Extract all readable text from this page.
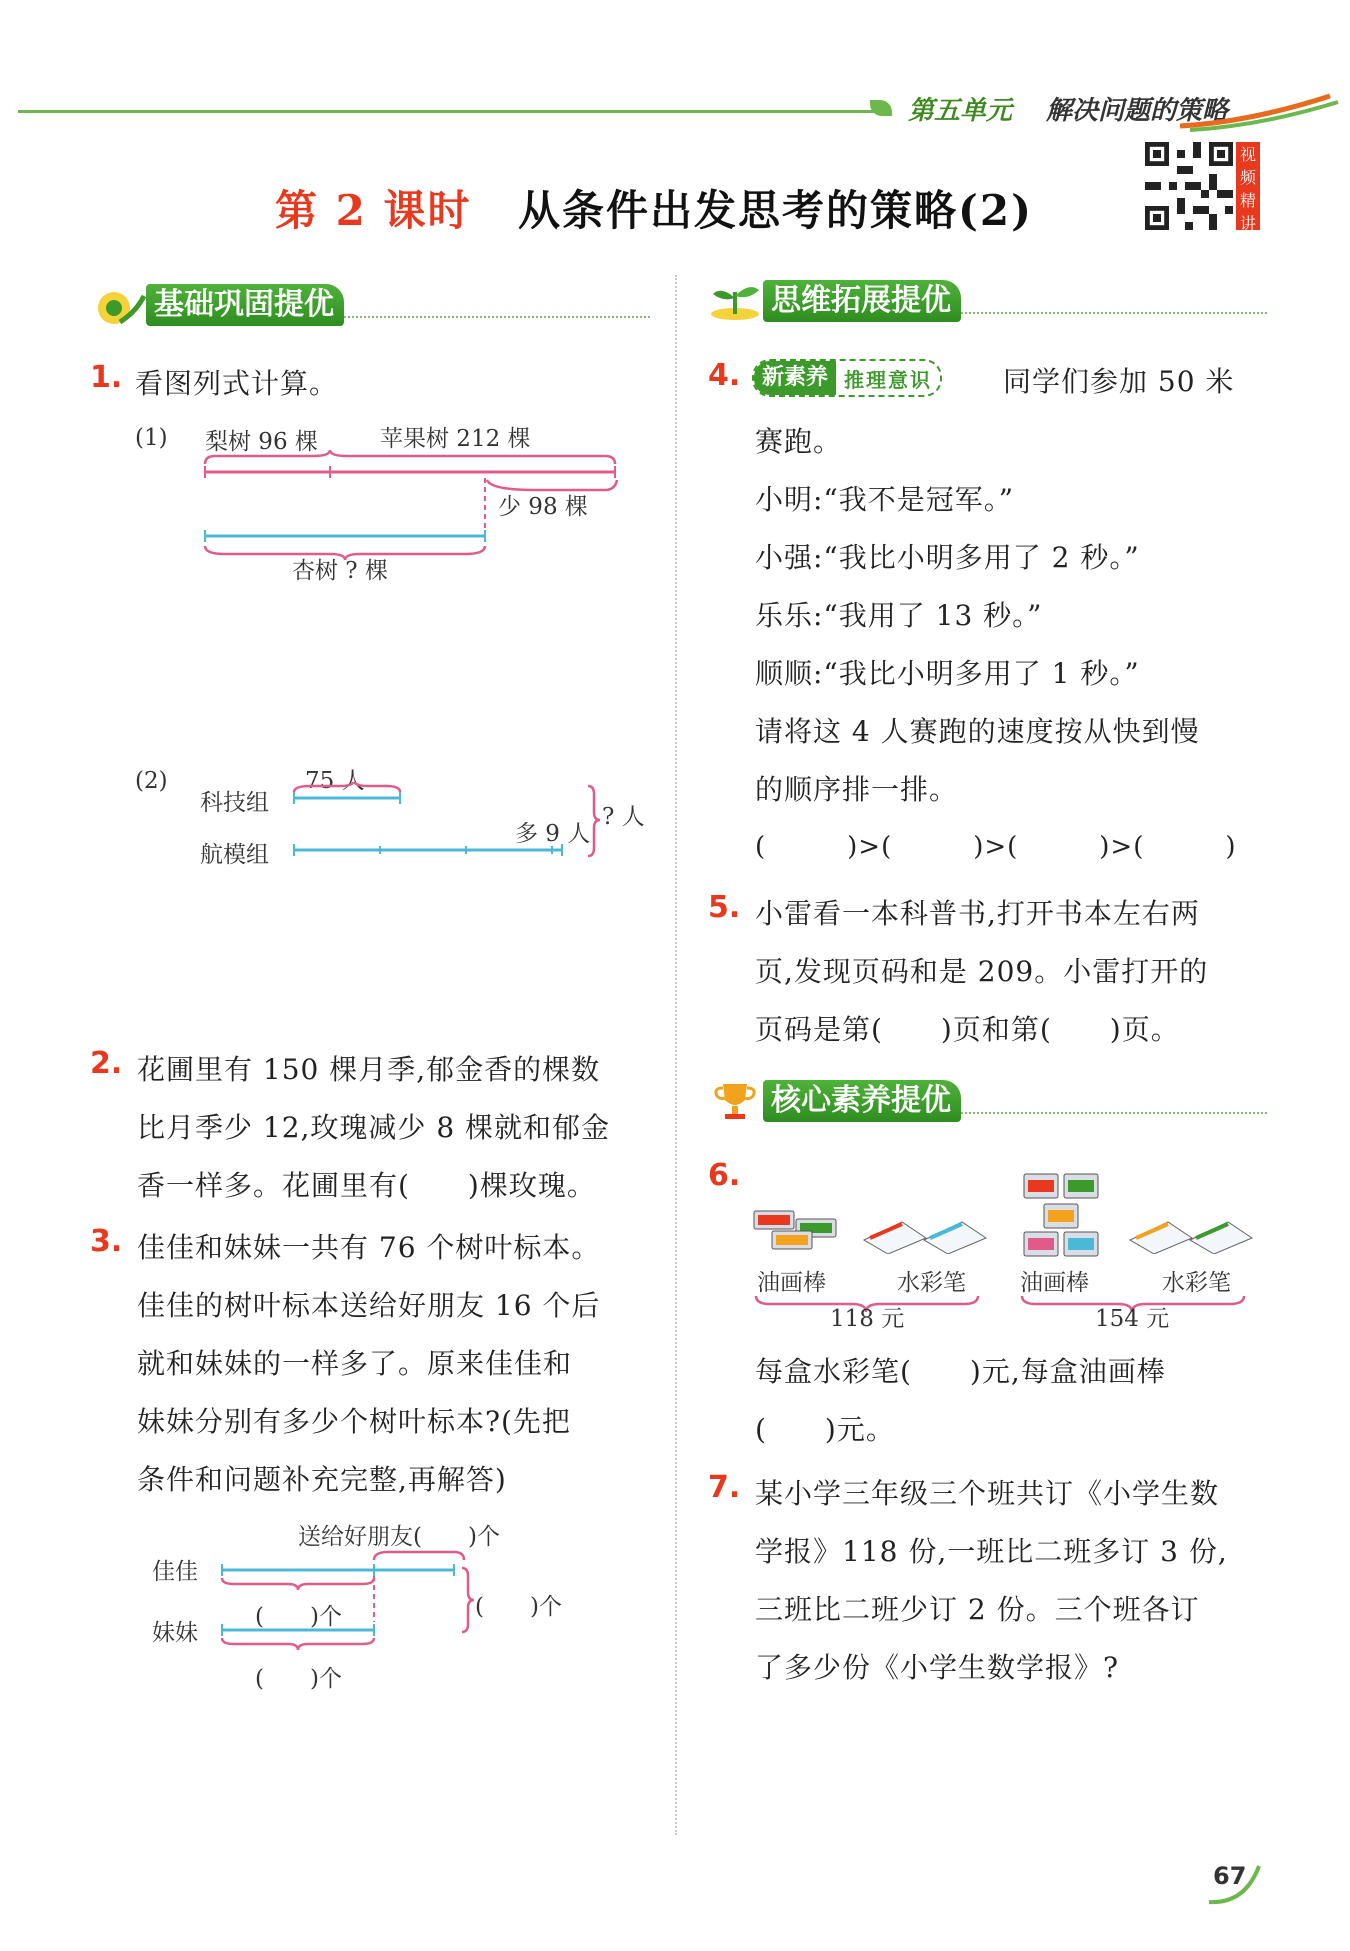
第五单元 解决问题的策略
第 2 课时 从条件出发思考的策略(2)
视
频
精
讲
基础巩固提优
1. 看图列式计算。
(1) 梨树 96 棵	苹果树 212 棵
少 98 棵
杏树 ? 棵
(2)	75 人
科技组
多 9 人
? 人
航模组
2. 花圃里有 150 棵月季,郁金香的棵数
比月季少 12,玫瑰减少 8 棵就和郁金
香一样多。花圃里有(　　)棵玫瑰。
3. 佳佳和妹妹一共有 76 个树叶标本。
佳佳的树叶标本送给好朋友 16 个后
就和妹妹的一样多了。原来佳佳和
妹妹分别有多少个树叶标本?(先把
条件和问题补充完整,再解答)
送给好朋友(　　)个
佳佳
妹妹
(　　)个	(　　)个
(　　)个
思维拓展提优
4. 新素养 推理意识	同学们参加 50 米
赛跑。
小明:“我不是冠军。”
小强:“我比小明多用了 2 秒。”
乐乐:“我用了 13 秒。”
顺顺:“我比小明多用了 1 秒。”
请将这 4 人赛跑的速度按从快到慢
的顺序排一排。
(　　　)>(　　　)>(　　　)>(　　　)
5. 小雷看一本科普书,打开书本左右两
页,发现页码和是 209。小雷打开的
页码是第(　　)页和第(　　)页。
核心素养提优
6.
油画棒	水彩笔
118 元
油画棒	水彩笔
154 元
每盒水彩笔(　　)元,每盒油画棒
(　　)元。
7. 某小学三年级三个班共订《小学生数
学报》118 份,一班比二班多订 3 份,
三班比二班少订 2 份。三个班各订
了多少份《小学生数学报》?
67
